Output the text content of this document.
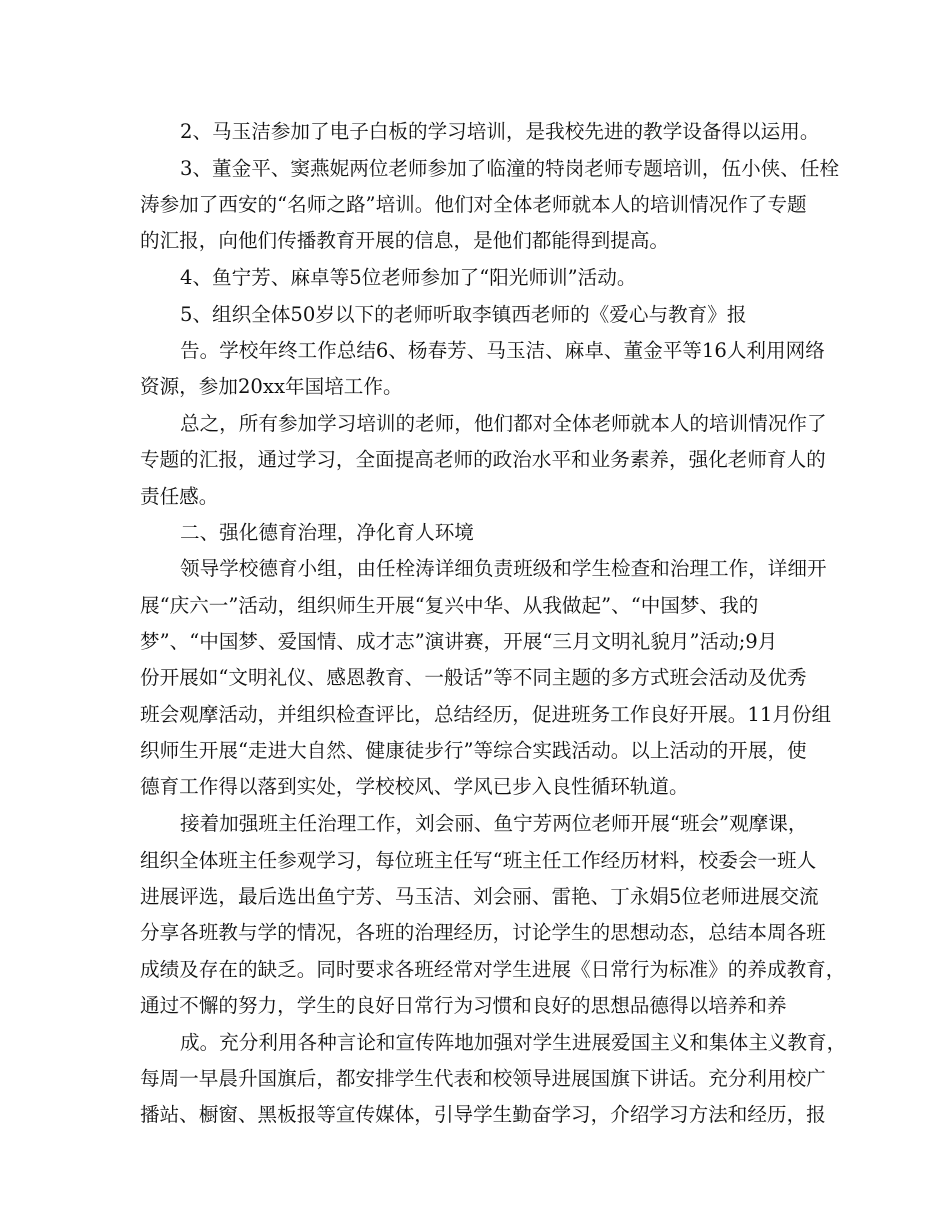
2、马玉洁参加了电子白板的学习培训，是我校先进的教学设备得以运用。
3、董金平、窦燕妮两位老师参加了临潼的特岗老师专题培训，伍小侠、任栓
涛参加了西安的“名师之路”培训。他们对全体老师就本人的培训情况作了专题
的汇报，向他们传播教育开展的信息，是他们都能得到提高。
4、鱼宁芳、麻卓等5位老师参加了“阳光师训”活动。
5、组织全体50岁以下的老师听取李镇西老师的《爱心与教育》报
告。学校年终工作总结6、杨春芳、马玉洁、麻卓、董金平等16人利用网络
资源，参加20xx年国培工作。
总之，所有参加学习培训的老师，他们都对全体老师就本人的培训情况作了
专题的汇报，通过学习，全面提高老师的政治水平和业务素养，强化老师育人的
责任感。
二、强化德育治理，净化育人环境
领导学校德育小组，由任栓涛详细负责班级和学生检查和治理工作，详细开
展“庆六一”活动，组织师生开展“复兴中华、从我做起”、“中国梦、我的
梦”、“中国梦、爱国情、成才志”演讲赛，开展“三月文明礼貌月”活动;9月
份开展如“文明礼仪、感恩教育、一般话”等不同主题的多方式班会活动及优秀
班会观摩活动，并组织检查评比，总结经历，促进班务工作良好开展。11月份组
织师生开展“走进大自然、健康徒步行”等综合实践活动。以上活动的开展，使
德育工作得以落到实处，学校校风、学风已步入良性循环轨道。
接着加强班主任治理工作，刘会丽、鱼宁芳两位老师开展“班会”观摩课，
组织全体班主任参观学习，每位班主任写“班主任工作经历材料，校委会一班人
进展评选，最后选出鱼宁芳、马玉洁、刘会丽、雷艳、丁永娟5位老师进展交流
分享各班教与学的情况，各班的治理经历，讨论学生的思想动态，总结本周各班
成绩及存在的缺乏。同时要求各班经常对学生进展《日常行为标准》的养成教育，
通过不懈的努力，学生的良好日常行为习惯和良好的思想品德得以培养和养
成。充分利用各种言论和宣传阵地加强对学生进展爱国主义和集体主义教育，
每周一早晨升国旗后，都安排学生代表和校领导进展国旗下讲话。充分利用校广
播站、橱窗、黑板报等宣传媒体，引导学生勤奋学习，介绍学习方法和经历，报
